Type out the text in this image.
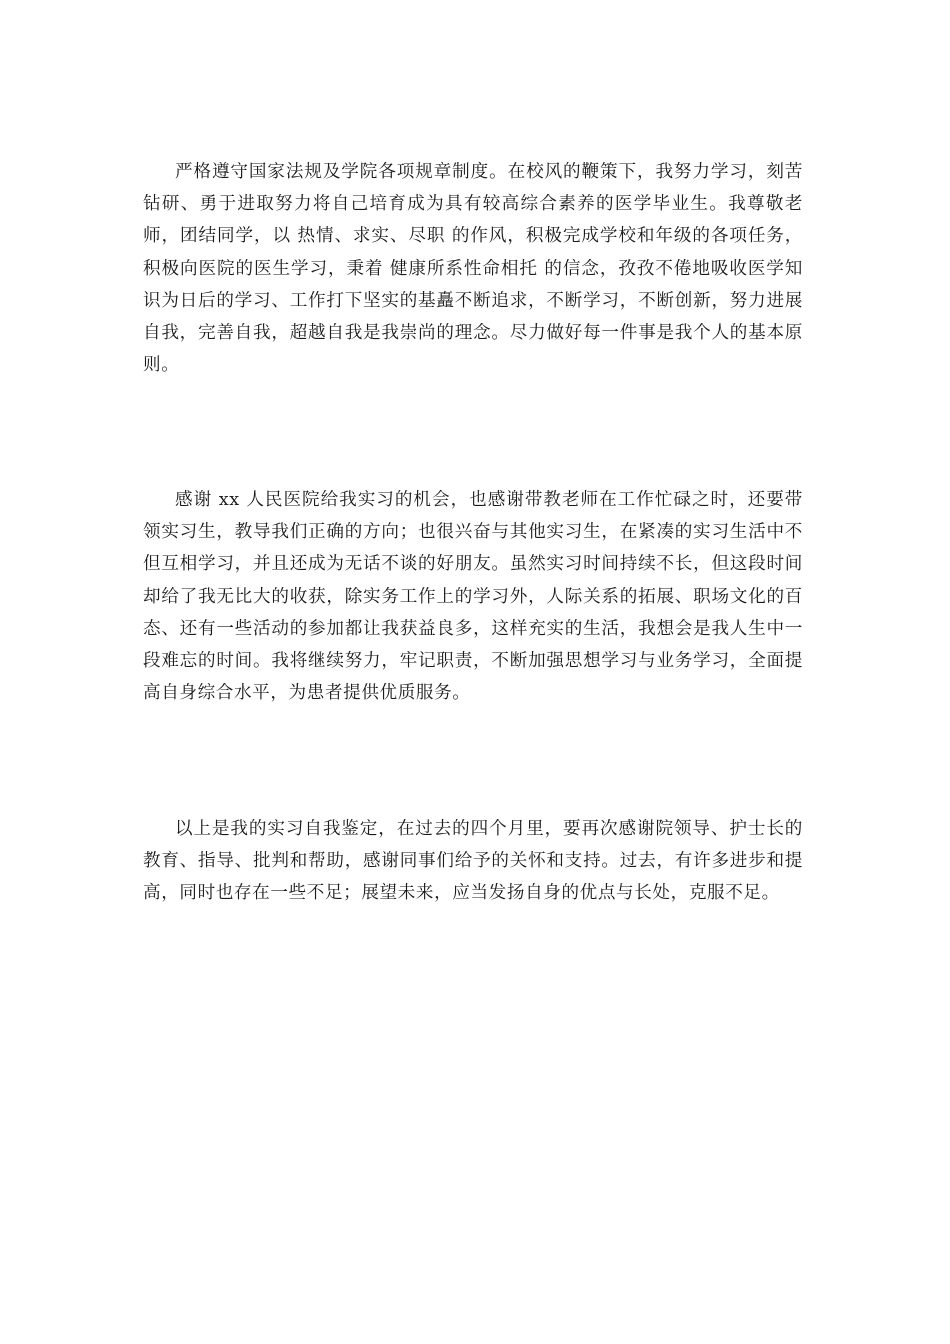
严格遵守国家法规及学院各项规章制度。在校风的鞭策下，我努力学习，刻苦钻研、勇于进取努力将自己培育成为具有较高综合素养的医学毕业生。我尊敬老师，团结同学，以 热情、求实、尽职 的作风，积极完成学校和年级的各项任务，积极向医院的医生学习，秉着 健康所系性命相托 的信念，孜孜不倦地吸收医学知识为日后的学习、工作打下坚实的基矗不断追求，不断学习，不断创新，努力进展自我，完善自我，超越自我是我崇尚的理念。尽力做好每一件事是我个人的基本原则。

感谢 xx 人民医院给我实习的机会，也感谢带教老师在工作忙碌之时，还要带领实习生，教导我们正确的方向；也很兴奋与其他实习生，在紧凑的实习生活中不但互相学习，并且还成为无话不谈的好朋友。虽然实习时间持续不长，但这段时间却给了我无比大的收获，除实务工作上的学习外，人际关系的拓展、职场文化的百态、还有一些活动的参加都让我获益良多，这样充实的生活，我想会是我人生中一段难忘的时间。我将继续努力，牢记职责，不断加强思想学习与业务学习，全面提高自身综合水平，为患者提供优质服务。

以上是我的实习自我鉴定，在过去的四个月里，要再次感谢院领导、护士长的教育、指导、批判和帮助，感谢同事们给予的关怀和支持。过去，有许多进步和提高，同时也存在一些不足；展望未来，应当发扬自身的优点与长处，克服不足。
